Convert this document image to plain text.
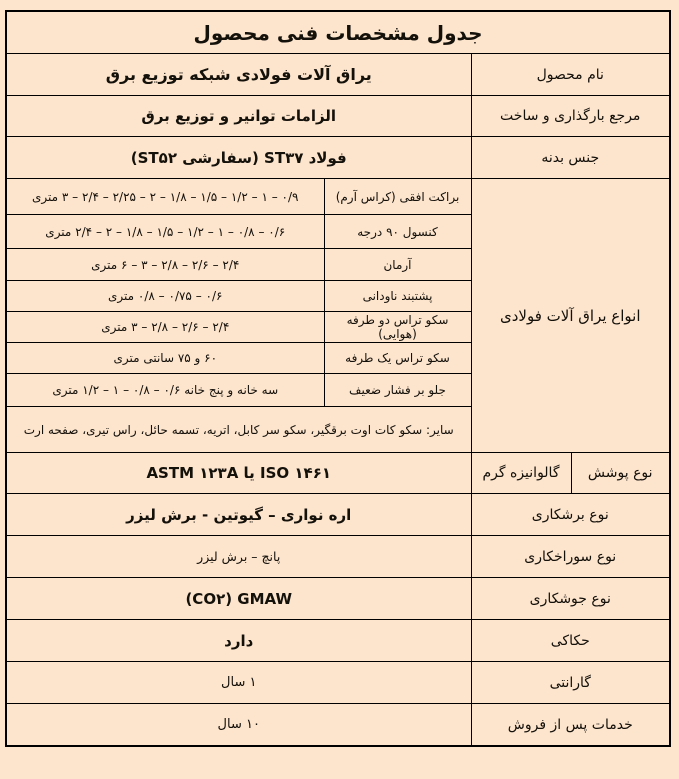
جدول مشخصات فنی محصول			
نام محصول		یراق آلات فولادی شبکه توزیع برق	
مرجع بارگذاری و ساخت		الزامات توانیر و توزیع برق	
جنس بدنه		فولاد ST۳۷ (سفارشی ST۵۲)	
انواع یراق آلات فولادی		براکت افقی (کراس آرم)	۰/۹ – ۱ – ۱/۲ – ۱/۵ – ۱/۸ – ۲ – ۲/۲۵ – ۲/۴ – ۳ متری
		کنسول ۹۰ درجه	۰/۶ – ۰/۸ – ۱ – ۱/۲ – ۱/۵ – ۱/۸ – ۲ – ۲/۴ متری
		آرمان	۲/۴ – ۲/۶ – ۲/۸ – ۳ – ۶ متری
		پشتبند ناودانی	۰/۶ – ۰/۷۵ – ۰/۸ متری
		سکو تراس دو طرفه (هوایی)	۲/۴ – ۲/۶ – ۲/۸ – ۳ متری
		سکو تراس یک طرفه	۶۰ و ۷۵ سانتی متری
		جلو بر فشار ضعیف	سه خانه و پنج خانه ۰/۶ – ۰/۸ – ۱ – ۱/۲ متری
		سایر: سکو کات اوت برقگیر، سکو سر کابل، اتریه، تسمه حائل، راس تیری، صفحه ارت	
نوع پوشش	گالوانیزه گرم	ISO ۱۴۶۱ یا ASTM ۱۲۳A	
نوع برشکاری		اره نواری – گیوتین - برش لیزر	
نوع سوراخکاری		پانچ – برش لیزر	
نوع جوشکاری		(CO۲) GMAW	
حکاکی		دارد	
گارانتی		۱ سال	
خدمات پس از فروش		۱۰ سال	
